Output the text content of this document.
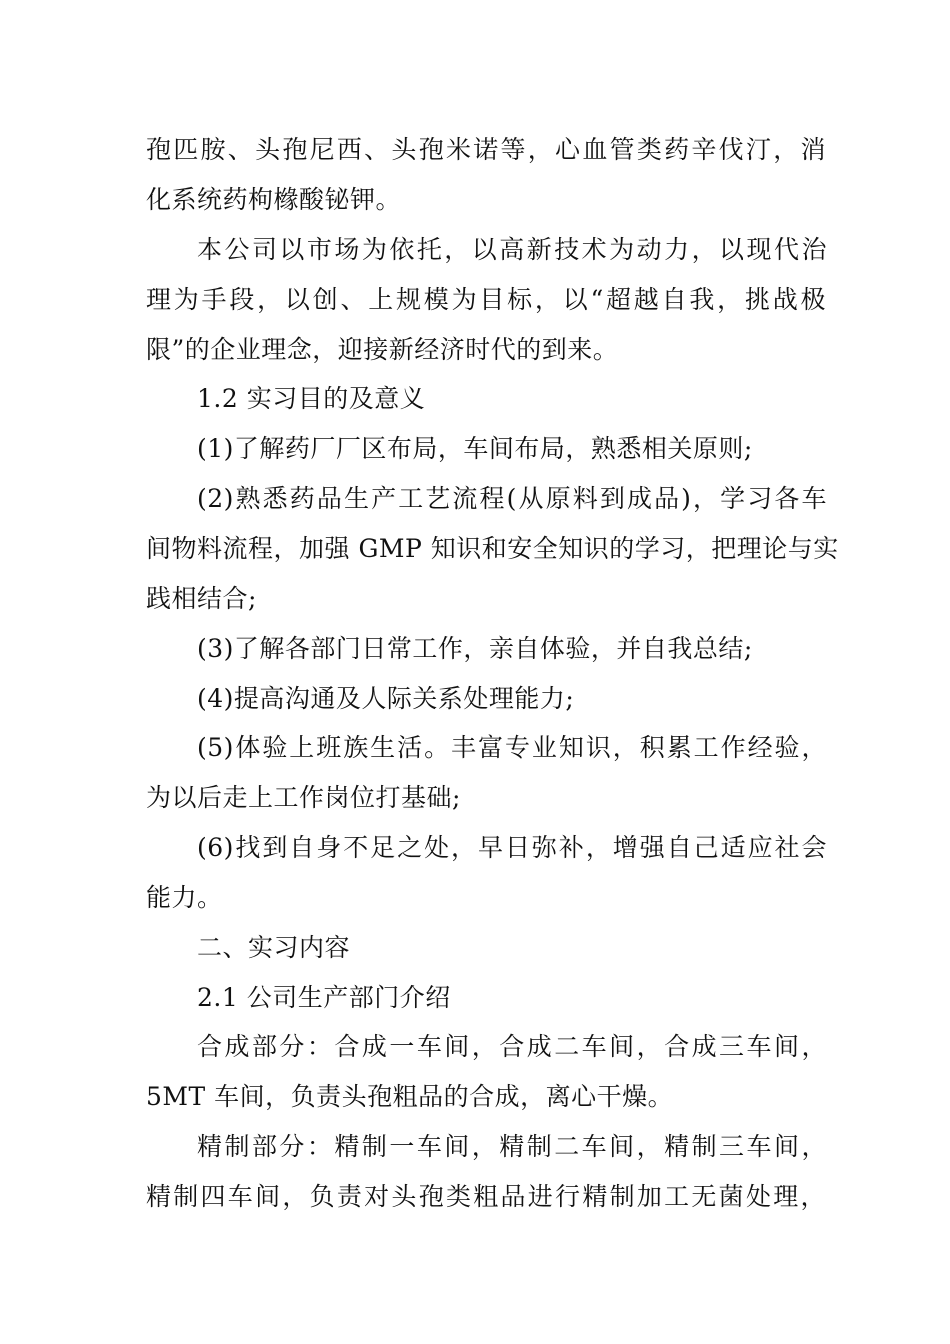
孢匹胺、头孢尼西、头孢米诺等，心血管类药辛伐汀，消
化系统药枸橼酸铋钾。
本公司以市场为依托，以高新技术为动力，以现代治
理为手段，以创、上规模为目标，以“超越自我，挑战极
限”的企业理念，迎接新经济时代的到来。
1.2 实习目的及意义
(1)了解药厂厂区布局，车间布局，熟悉相关原则;
(2)熟悉药品生产工艺流程(从原料到成品)，学习各车
间物料流程，加强 GMP 知识和安全知识的学习，把理论与实
践相结合;
(3)了解各部门日常工作，亲自体验，并自我总结;
(4)提高沟通及人际关系处理能力;
(5)体验上班族生活。丰富专业知识，积累工作经验，
为以后走上工作岗位打基础;
(6)找到自身不足之处，早日弥补，增强自己适应社会
能力。
二、实习内容
2.1 公司生产部门介绍
合成部分：合成一车间，合成二车间，合成三车间，
5MT 车间，负责头孢粗品的合成，离心干燥。
精制部分：精制一车间，精制二车间，精制三车间，
精制四车间，负责对头孢类粗品进行精制加工无菌处理，
